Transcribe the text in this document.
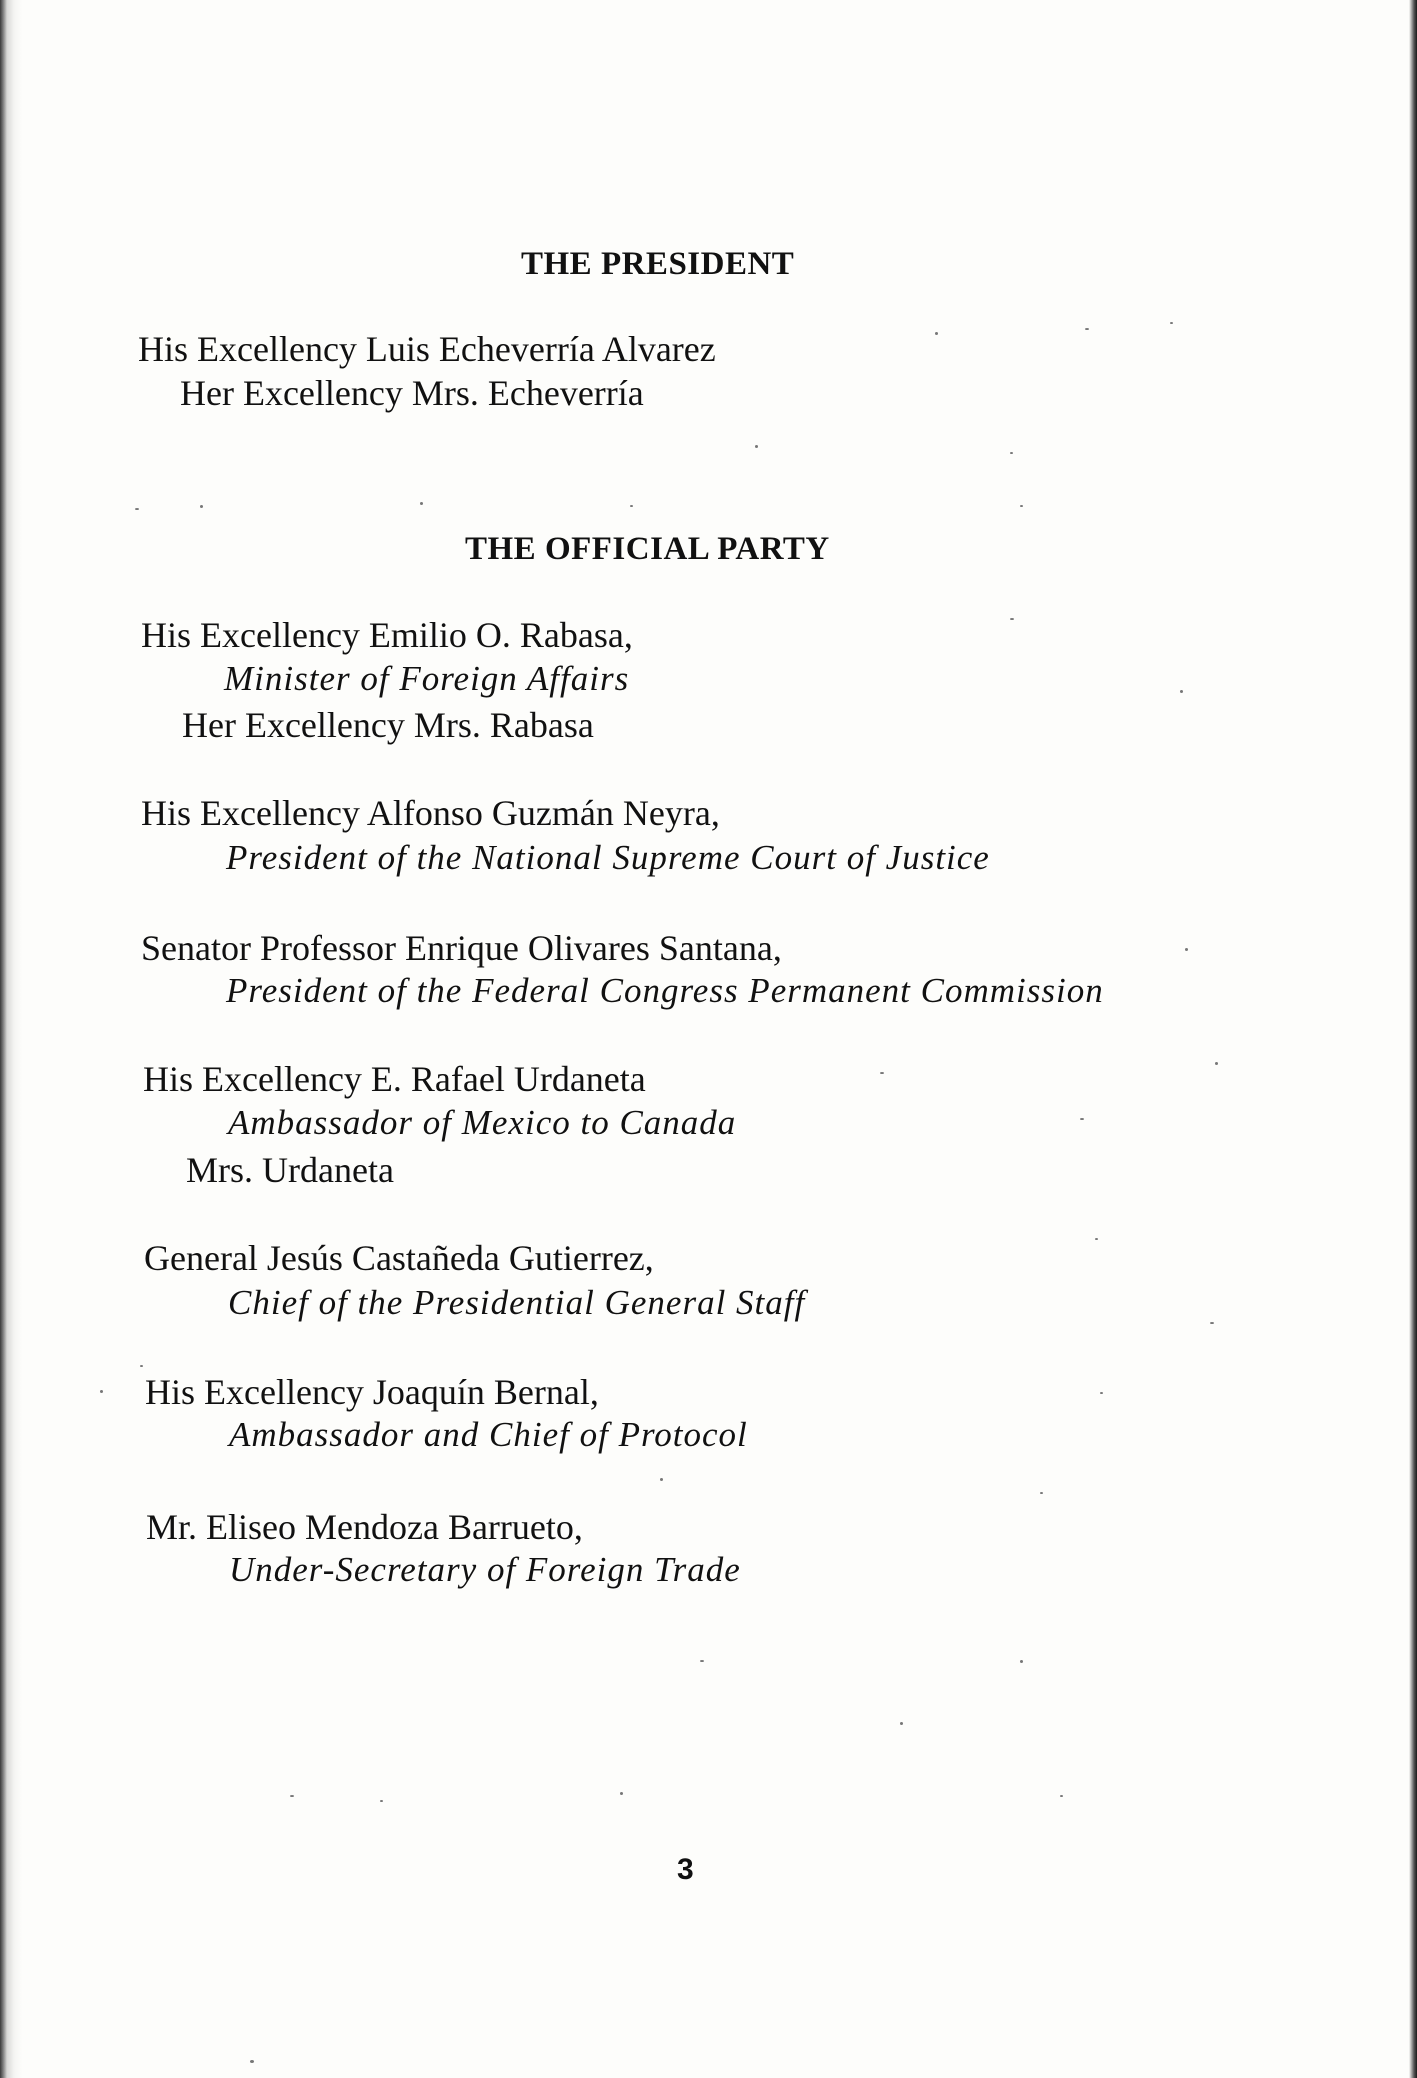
THE PRESIDENT
His Excellency Luis Echeverría Alvarez
Her Excellency Mrs. Echeverría
THE OFFICIAL PARTY
His Excellency Emilio O. Rabasa,
Minister of Foreign Affairs
Her Excellency Mrs. Rabasa
His Excellency Alfonso Guzmán Neyra,
President of the National Supreme Court of Justice
Senator Professor Enrique Olivares Santana,
President of the Federal Congress Permanent Commission
His Excellency E. Rafael Urdaneta
Ambassador of Mexico to Canada
Mrs. Urdaneta
General Jesús Castañeda Gutierrez,
Chief of the Presidential General Staff
His Excellency Joaquín Bernal,
Ambassador and Chief of Protocol
Mr. Eliseo Mendoza Barrueto,
Under-Secretary of Foreign Trade
3
